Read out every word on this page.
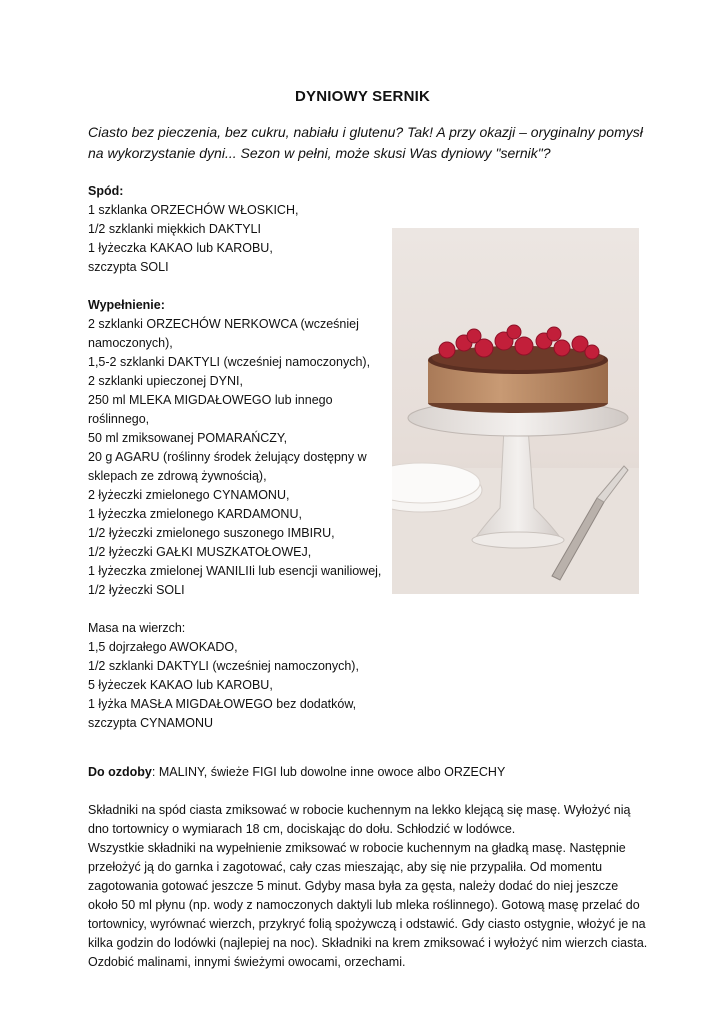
DYNIOWY SERNIK
Ciasto bez pieczenia, bez cukru, nabiału i glutenu? Tak! A przy okazji – oryginalny pomysł na wykorzystanie dyni... Sezon w pełni, może skusi Was dyniowy "sernik"?

Spód:

1 szklanka ORZECHÓW WŁOSKICH,

1/2 szklanki miękkich DAKTYLI

1 łyżeczka KAKAO lub KAROBU,

szczypta SOLI

Wypełnienie:

2 szklanki ORZECHÓW NERKOWCA (wcześniej namoczonych),

1,5-2 szklanki DAKTYLI (wcześniej namoczonych),

2 szklanki upieczonej DYNI,

250 ml MLEKA MIGDAŁOWEGO lub innego roślinnego,

50 ml zmiksowanej POMARAŃCZY,

20 g AGARU (roślinny środek żelujący dostępny w sklepach ze zdrową żywnością),

2 łyżeczki zmielonego CYNAMONU,

1 łyżeczka zmielonego KARDAMONU,

1/2 łyżeczki zmielonego suszonego IMBIRU,

1/2 łyżeczki GAŁKI MUSZKATOŁOWEJ,

1 łyżeczka zmielonej WANILIIi lub esencji waniliowej,

1/2 łyżeczki SOLI

Masa na wierzch:

1,5 dojrzałego AWOKADO,

1/2 szklanki DAKTYLI (wcześniej namoczonych),

5 łyżeczek KAKAO lub KAROBU,

1 łyżka MASŁA MIGDAŁOWEGO bez dodatków,

szczypta CYNAMONU

Do ozdoby: MALINY, świeże FIGI lub dowolne inne owoce albo ORZECHY

Składniki na spód ciasta zmiksować w robocie kuchennym na lekko klejącą się masę. Wyłożyć nią dno tortownicy o wymiarach 18 cm, dociskając do dołu. Schłodzić w lodówce.

Wszystkie składniki na wypełnienie zmiksować w robocie kuchennym na gładką masę. Następnie przełożyć ją do garnka i zagotować, cały czas mieszając, aby się nie przypaliła. Od momentu zagotowania gotować jeszcze 5 minut. Gdyby masa była za gęsta, należy dodać do niej jeszcze około 50 ml płynu (np. wody z namoczonych daktyli lub mleka roślinnego). Gotową masę przelać do tortownicy, wyrównać wierzch, przykryć folią spożywczą i odstawić. Gdy ciasto ostygnie, włożyć je na kilka godzin do lodówki (najlepiej na noc). Składniki na krem zmiksować i wyłożyć nim wierzch ciasta. Ozdobić malinami, innymi świeżymi owocami, orzechami.
